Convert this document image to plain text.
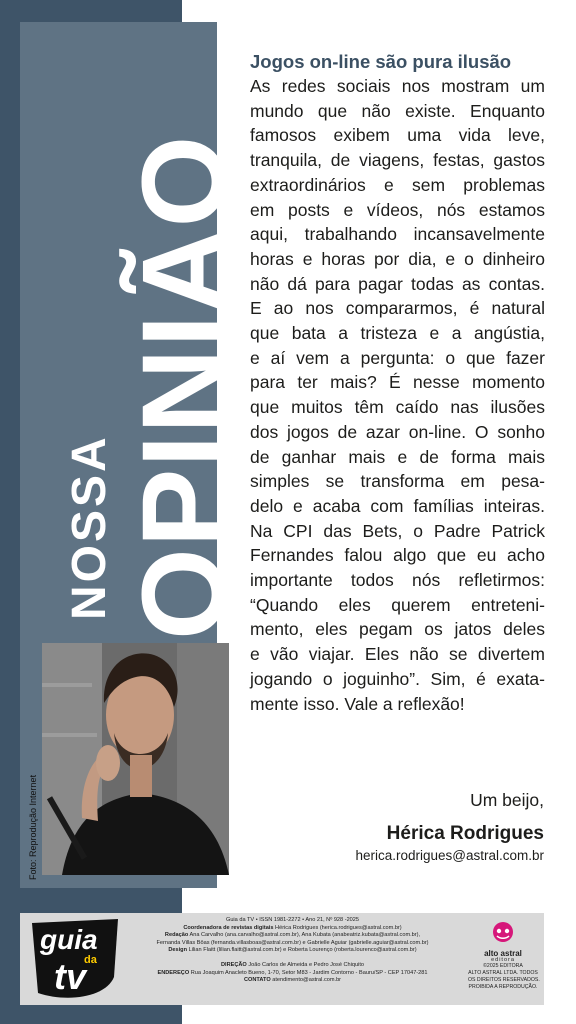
NOSSA OPINIÃO
Foto: Reprodução Internet
Jogos on-line são pura ilusão
As redes sociais nos mostram um
mundo que não existe. Enquanto
famosos exibem uma vida leve,
tranquila, de viagens, festas, gastos
extraordinários e sem problemas
em posts e vídeos, nós estamos
aqui, trabalhando incansavelmente
horas e horas por dia, e o dinheiro
não dá para pagar todas as contas.
E ao nos compararmos, é natural
que bata a tristeza e a angústia,
e aí vem a pergunta: o que fazer
para ter mais? É nesse momento
que muitos têm caído nas ilusões
dos jogos de azar on-line. O sonho
de ganhar mais e de forma mais
simples se transforma em pesa-
delo e acaba com famílias inteiras.
Na CPI das Bets, o Padre Patrick
Fernandes falou algo que eu acho
importante todos nós refletirmos:
“Quando eles querem entreteni-
mento, eles pegam os jatos deles
e vão viajar. Eles não se divertem
jogando o joguinho”. Sim, é exata-
mente isso. Vale a reflexão!
Um beijo,
Hérica Rodrigues
herica.rodrigues@astral.com.br
guia
da
tv
Guia da TV • ISSN 1981-2272 • Ano 21, Nº 928 -2025
Coordenadora de revistas digitais Hérica Rodrigues (herica.rodrigues@astral.com.br)
Redação Ana Carvalho (ana.carvalho@astral.com.br), Ana Kubata (anabeatriz.kubata@astral.com.br),
Fernanda Villas Bôas (fernanda.villasboas@astral.com.br) e Gabrielle Aguiar (gabrielle.aguiar@astral.com.br)
Design Lilian Flaitt (lilian.flaitt@astral.com.br) e Roberta Lourenço (roberta.lourenco@astral.com.br)
DIREÇÃO João Carlos de Almeida e Pedro José Chiquito
ENDEREÇO Rua Joaquim Anacleto Bueno, 1-70, Setor M83 - Jardim Contorno - Bauru/SP - CEP 17047-281
CONTATO atendimento@astral.com.br
alto astral
editora
©2025 EDITORA
ALTO ASTRAL LTDA. TODOS
OS DIREITOS RESERVADOS.
PROIBIDA A REPRODUÇÃO.
